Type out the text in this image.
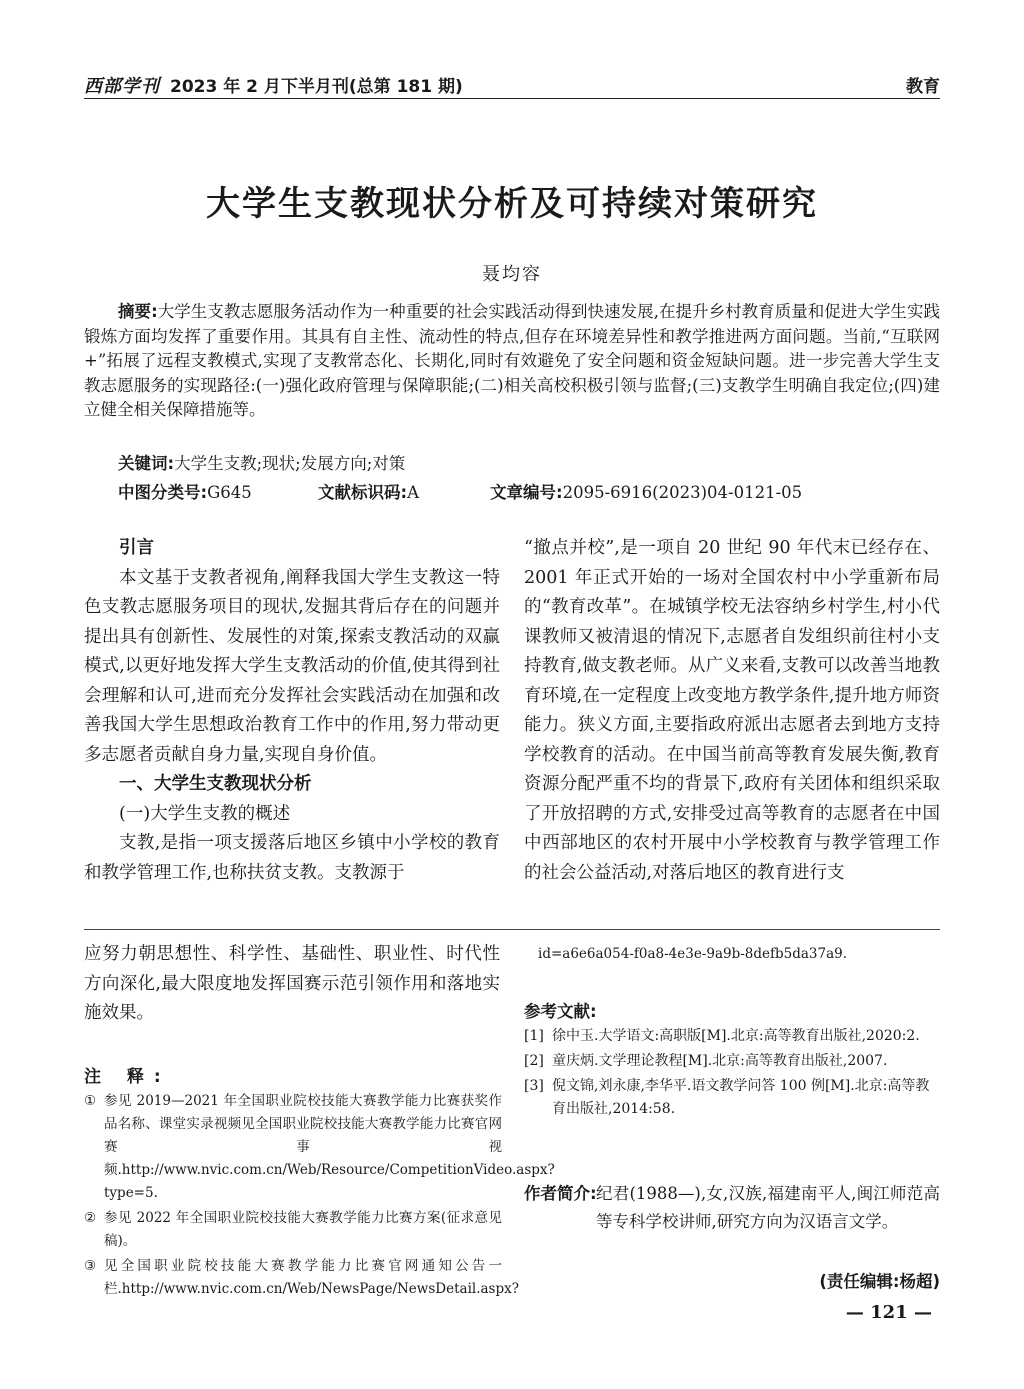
西部学刊 2023 年 2 月下半月刊(总第 181 期)	教育
大学生支教现状分析及可持续对策研究
聂均容
摘要:大学生支教志愿服务活动作为一种重要的社会实践活动得到快速发展,在提升乡村教育质量和促进大学生实践锻炼方面均发挥了重要作用。其具有自主性、流动性的特点,但存在环境差异性和教学推进两方面问题。当前,“互联网+”拓展了远程支教模式,实现了支教常态化、长期化,同时有效避免了安全问题和资金短缺问题。进一步完善大学生支教志愿服务的实现路径:(一)强化政府管理与保障职能;(二)相关高校积极引领与监督;(三)支教学生明确自我定位;(四)建立健全相关保障措施等。
关键词:大学生支教;现状;发展方向;对策
中图分类号:G645	文献标识码:A	文章编号:2095-6916(2023)04-0121-05

引言

本文基于支教者视角,阐释我国大学生支教这一特色支教志愿服务项目的现状,发掘其背后存在的问题并提出具有创新性、发展性的对策,探索支教活动的双赢模式,以更好地发挥大学生支教活动的价值,使其得到社会理解和认可,进而充分发挥社会实践活动在加强和改善我国大学生思想政治教育工作中的作用,努力带动更多志愿者贡献自身力量,实现自身价值。

一、大学生支教现状分析

(一)大学生支教的概述

支教,是指一项支援落后地区乡镇中小学校的教育和教学管理工作,也称扶贫支教。支教源于

“撤点并校”,是一项自 20 世纪 90 年代末已经存在、2001 年正式开始的一场对全国农村中小学重新布局的“教育改革”。在城镇学校无法容纳乡村学生,村小代课教师又被清退的情况下,志愿者自发组织前往村小支持教育,做支教老师。从广义来看,支教可以改善当地教育环境,在一定程度上改变地方教学条件,提升地方师资能力。狭义方面,主要指政府派出志愿者去到地方支持学校教育的活动。在中国当前高等教育发展失衡,教育资源分配严重不均的背景下,政府有关团体和组织采取了开放招聘的方式,安排受过高等教育的志愿者在中国中西部地区的农村开展中小学校教育与教学管理工作的社会公益活动,对落后地区的教育进行支

应努力朝思想性、科学性、基础性、职业性、时代性方向深化,最大限度地发挥国赛示范引领作用和落地实施效果。

注 释:
① 参见 2019—2021 年全国职业院校技能大赛教学能力比赛获奖作品名称、课堂实录视频见全国职业院校技能大赛教学能力比赛官网赛事视频.http://www.nvic.com.cn/Web/Resource/CompetitionVideo.aspx? type=5.
② 参见 2022 年全国职业院校技能大赛教学能力比赛方案(征求意见稿)。
③ 见全国职业院校技能大赛教学能力比赛官网通知公告一栏.http://www.nvic.com.cn/Web/NewsPage/NewsDetail.aspx?
id=a6e6a054-f0a8-4e3e-9a9b-8defb5da37a9.
参考文献:
[1] 徐中玉.大学语文:高职版[M].北京:高等教育出版社,2020:2.
[2] 童庆炳.文学理论教程[M].北京:高等教育出版社,2007.
[3] 倪文锦,刘永康,李华平.语文教学问答 100 例[M].北京:高等教育出版社,2014:58.
作者简介: 纪君(1988—),女,汉族,福建南平人,闽江师范高等专科学校讲师,研究方向为汉语言文学。
(责任编辑:杨超)
— 121 —
